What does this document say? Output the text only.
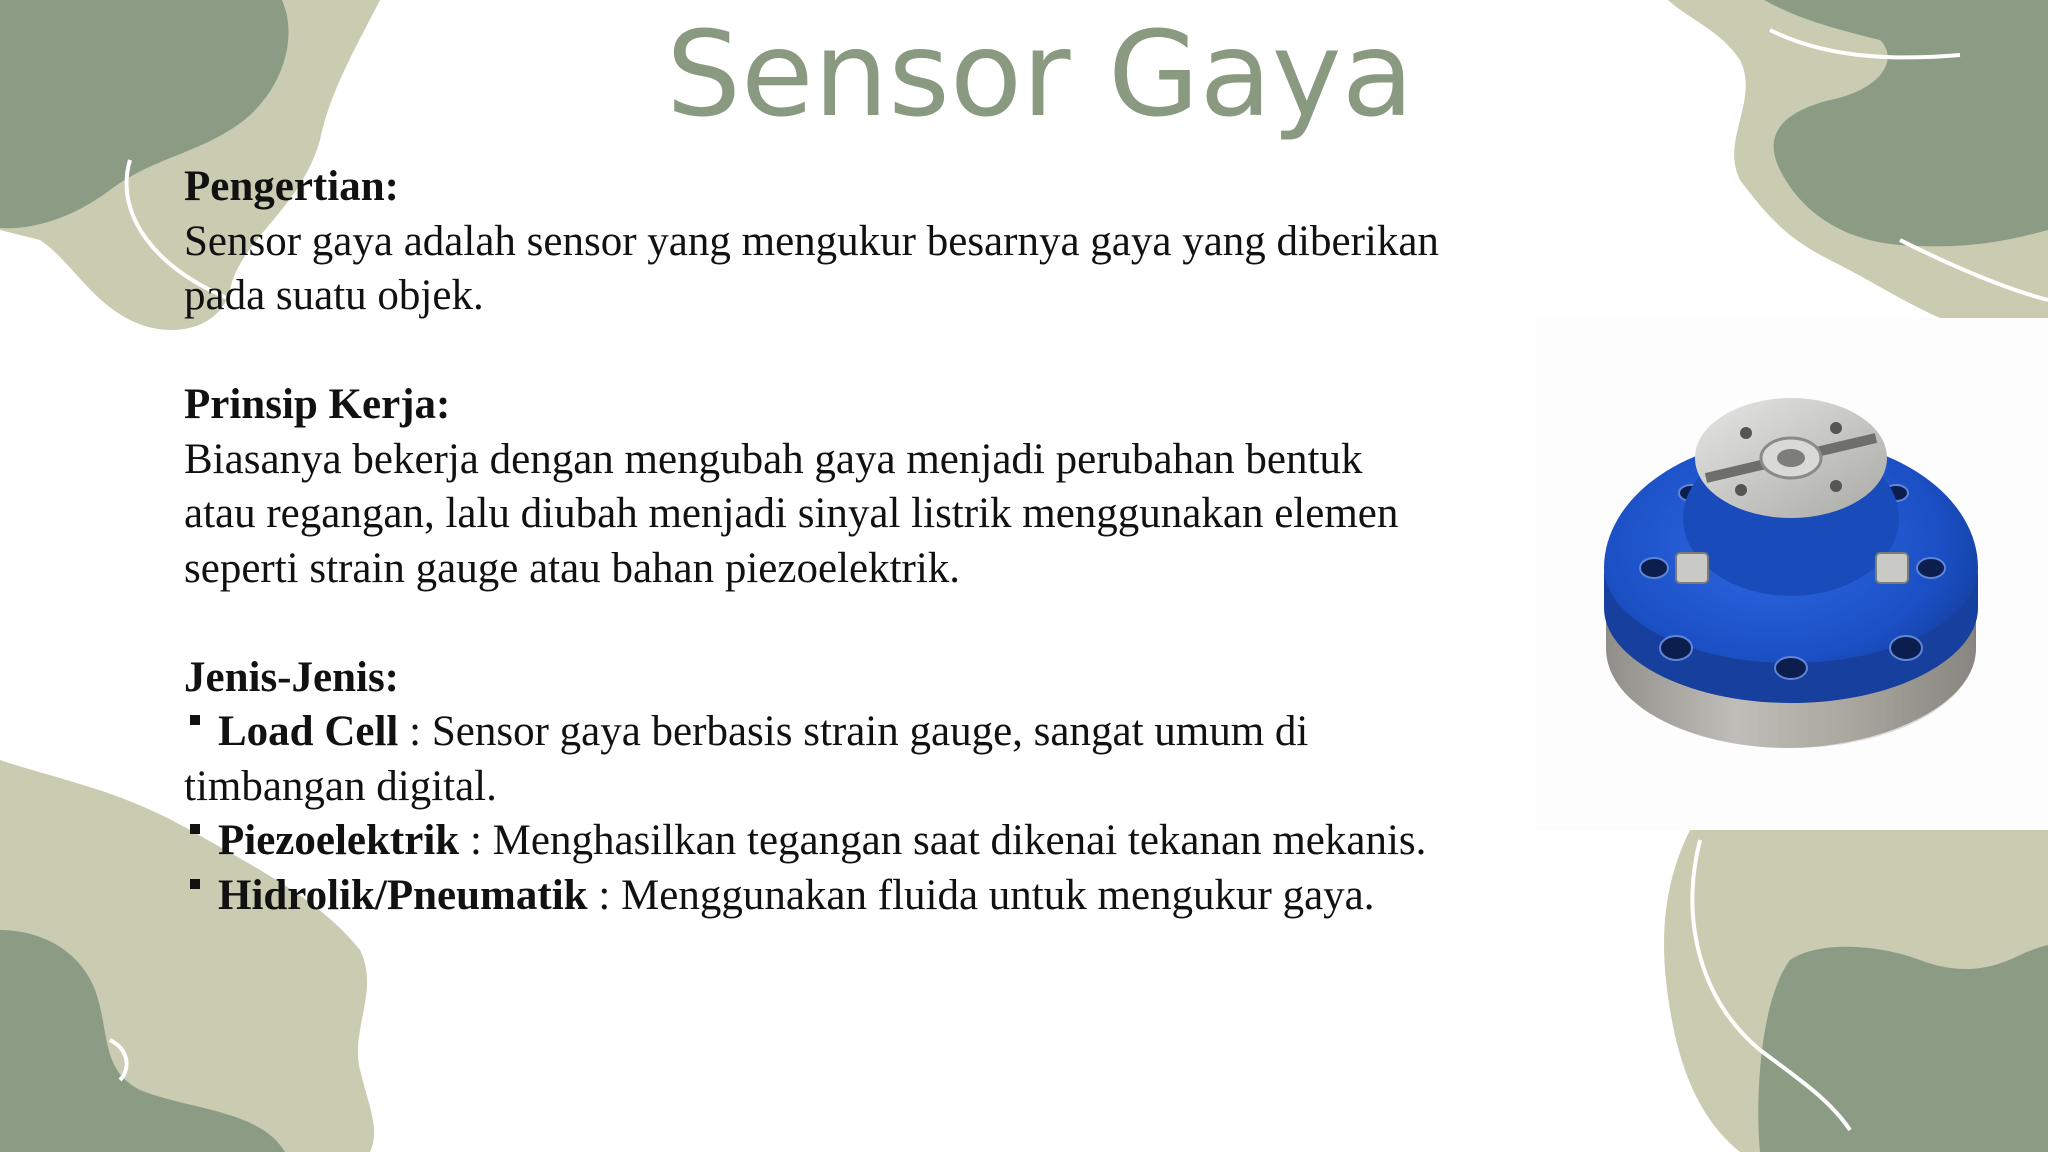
Sensor Gaya
Pengertian:
Sensor gaya adalah sensor yang mengukur besarnya gaya yang diberikan
pada suatu objek.
Prinsip Kerja:
Biasanya bekerja dengan mengubah gaya menjadi perubahan bentuk
atau regangan, lalu diubah menjadi sinyal listrik menggunakan elemen
seperti strain gauge atau bahan piezoelektrik.
Jenis-Jenis:
Load Cell : Sensor gaya berbasis strain gauge, sangat umum di
timbangan digital.
Piezoelektrik : Menghasilkan tegangan saat dikenai tekanan mekanis.
Hidrolik/Pneumatik : Menggunakan fluida untuk mengukur gaya.
